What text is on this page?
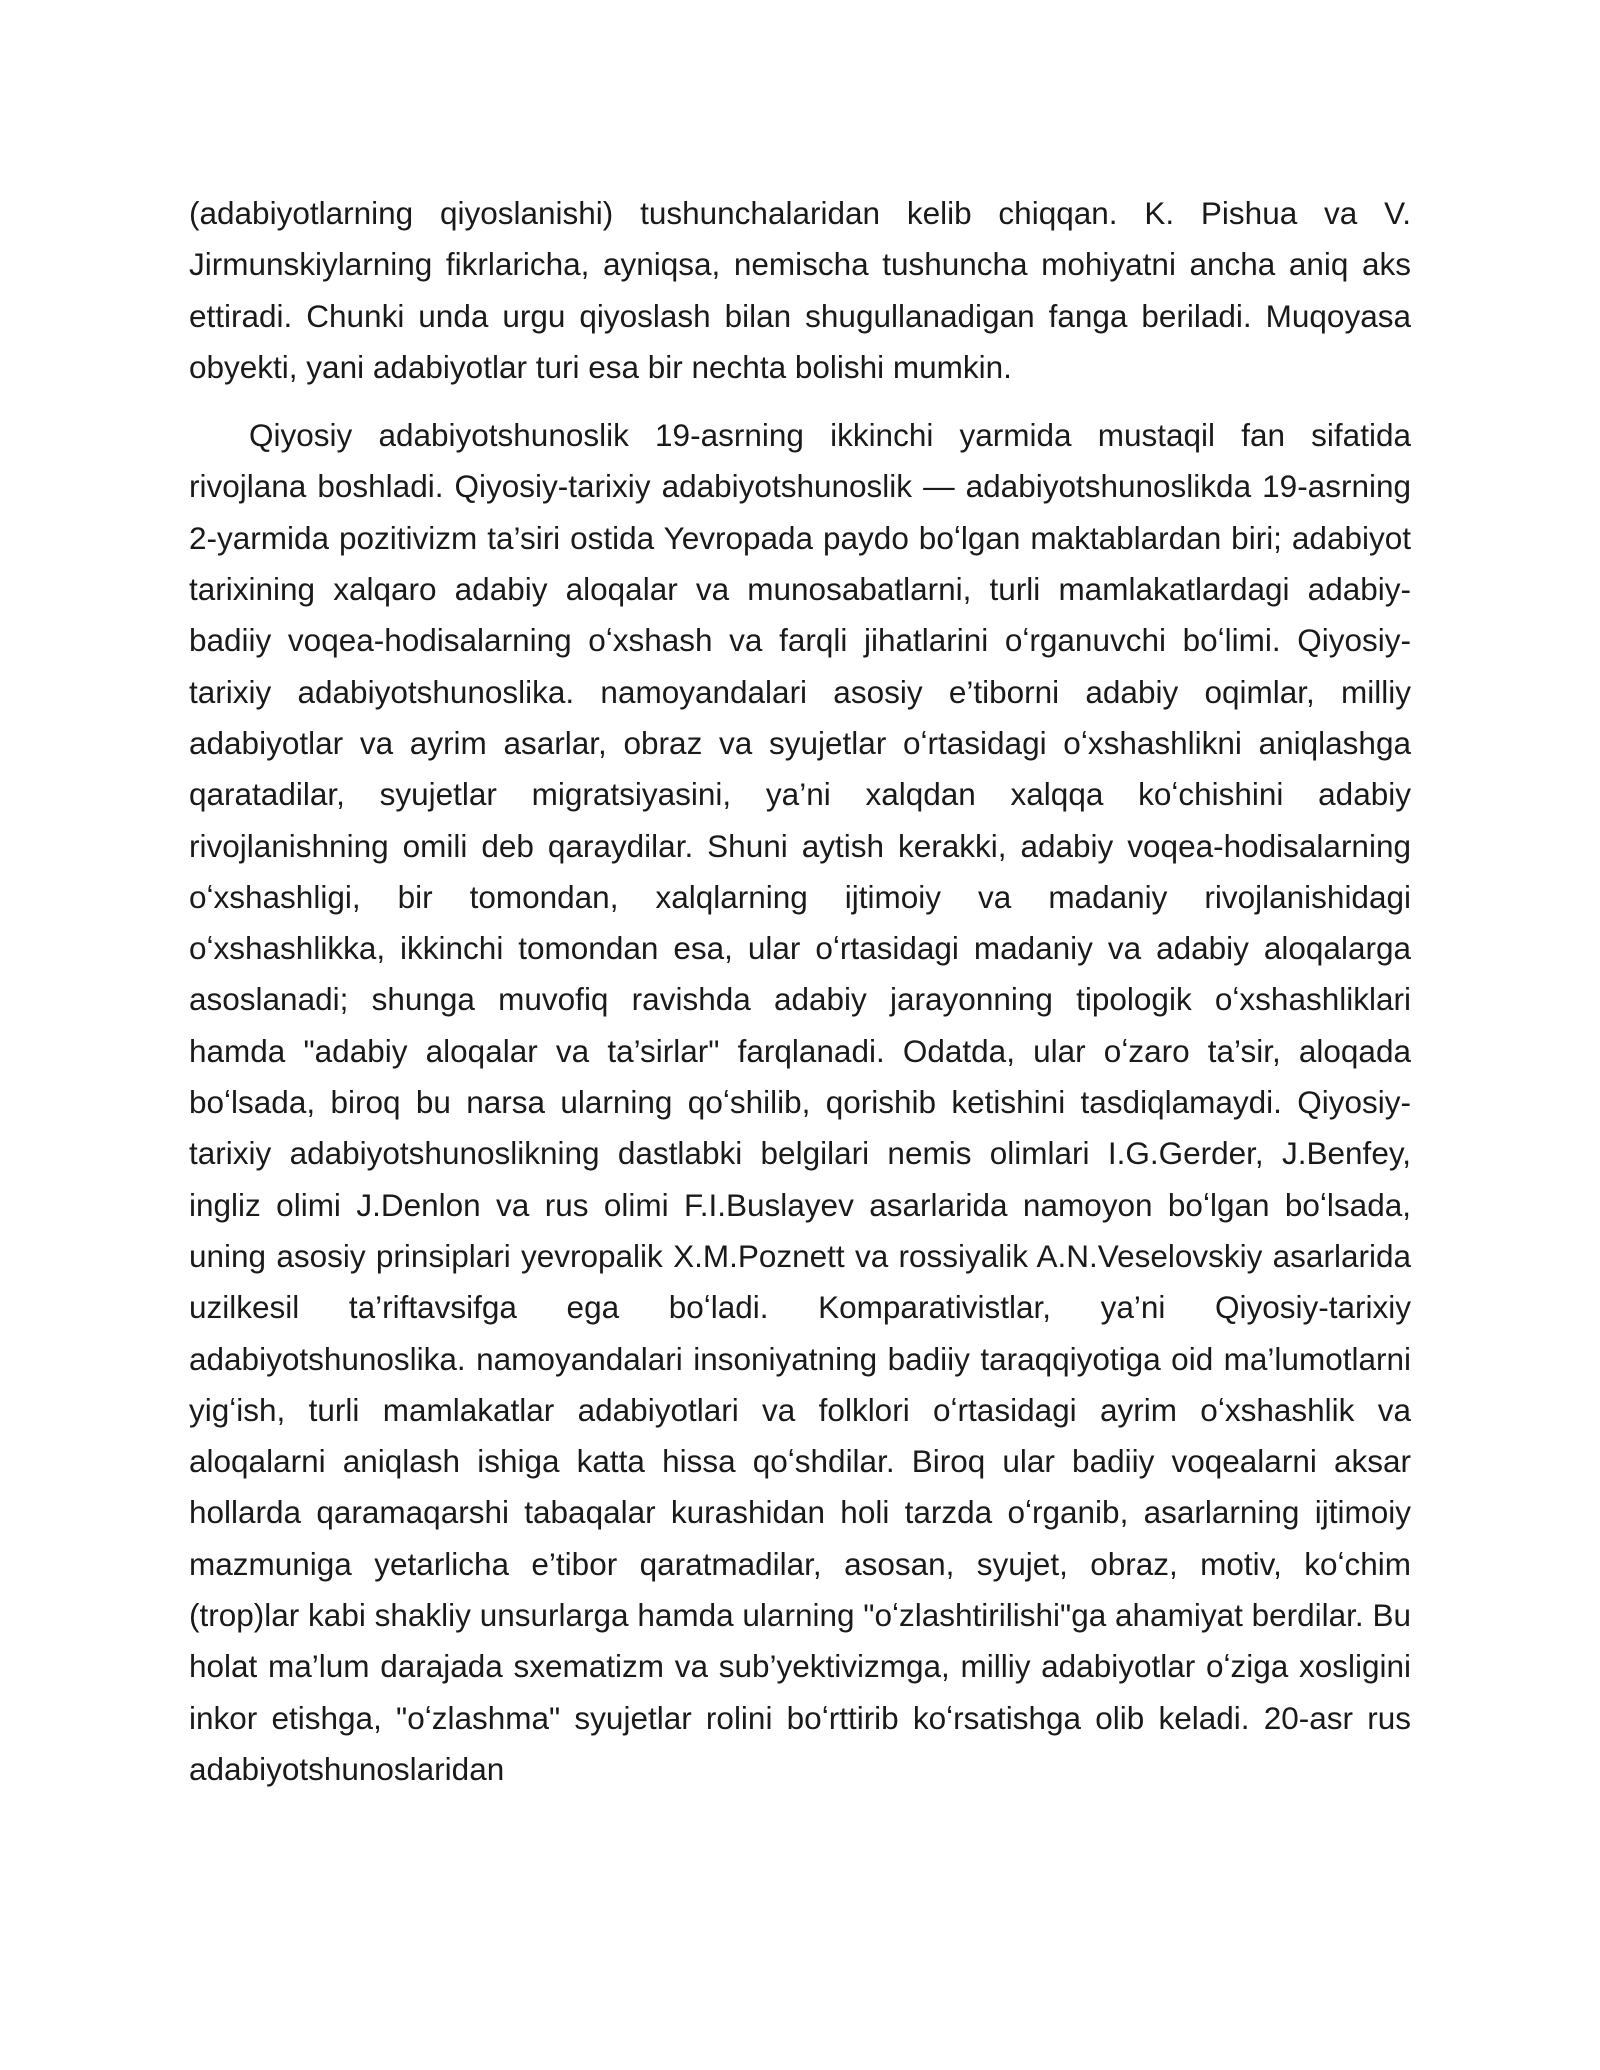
(adabiyotlarning qiyoslanishi) tushunchalaridan kelib chiqqan. K. Pishua va V. Jirmunskiylarning fikrlaricha, ayniqsa, nemischa tushuncha mohiyatni ancha aniq aks ettiradi. Chunki unda urgu qiyoslash bilan shugullanadigan fanga beriladi. Muqoyasa obyekti, yani adabiyotlar turi esa bir nechta bolishi mumkin.

Qiyosiy adabiyotshunoslik 19-asrning ikkinchi yarmida mustaqil fan sifatida rivojlana boshladi. Qiyosiy-tarixiy adabiyotshunoslik — adabiyotshunoslikda 19-asrning 2-yarmida pozitivizm ta’siri ostida Yevropada paydo boʻlgan maktablardan biri; adabiyot tarixining xalqaro adabiy aloqalar va munosabatlarni, turli mamlakatlardagi adabiy-badiiy voqea-hodisalarning oʻxshash va farqli jihatlarini oʻrganuvchi boʻlimi. Qiyosiy-tarixiy adabiyotshunoslika. namoyandalari asosiy e’tiborni adabiy oqimlar, milliy adabiyotlar va ayrim asarlar, obraz va syujetlar oʻrtasidagi oʻxshashlikni aniqlashga qaratadilar, syujetlar migratsiyasini, ya’ni xalqdan xalqqa koʻchishini adabiy rivojlanishning omili deb qaraydilar. Shuni aytish kerakki, adabiy voqea-hodisalarning oʻxshashligi, bir tomondan, xalqlarning ijtimoiy va madaniy rivojlanishidagi oʻxshashlikka, ikkinchi tomondan esa, ular oʻrtasidagi madaniy va adabiy aloqalarga asoslanadi; shunga muvofiq ravishda adabiy jarayonning tipologik oʻxshashliklari hamda "adabiy aloqalar va ta’sirlar" farqlanadi. Odatda, ular oʻzaro ta’sir, aloqada boʻlsada, biroq bu narsa ularning qoʻshilib, qorishib ketishini tasdiqlamaydi. Qiyosiy-tarixiy adabiyotshunoslikning dastlabki belgilari nemis olimlari I.G.Gerder, J.Benfey, ingliz olimi J.Denlon va rus olimi F.I.Buslayev asarlarida namoyon boʻlgan boʻlsada, uning asosiy prinsiplari yevropalik X.M.Poznett va rossiyalik A.N.Veselovskiy asarlarida uzilkesil ta’riftavsifga ega boʻladi. Komparativistlar, ya’ni Qiyosiy-tarixiy adabiyotshunoslika. namoyandalari insoniyatning badiiy taraqqiyotiga oid ma’lumotlarni yigʻish, turli mamlakatlar adabiyotlari va folklori oʻrtasidagi ayrim oʻxshashlik va aloqalarni aniqlash ishiga katta hissa qoʻshdilar. Biroq ular badiiy voqealarni aksar hollarda qaramaqarshi tabaqalar kurashidan holi tarzda oʻrganib, asarlarning ijtimoiy mazmuniga yetarlicha e’tibor qaratmadilar, asosan, syujet, obraz, motiv, koʻchim (trop)lar kabi shakliy unsurlarga hamda ularning "oʻzlashtirilishi"ga ahamiyat berdilar. Bu holat ma’lum darajada sxematizm va sub’yektivizmga, milliy adabiyotlar oʻziga xosligini inkor etishga, "oʻzlashma" syujetlar rolini boʻrttirib koʻrsatishga olib keladi. 20-asr rus adabiyotshunoslaridan
